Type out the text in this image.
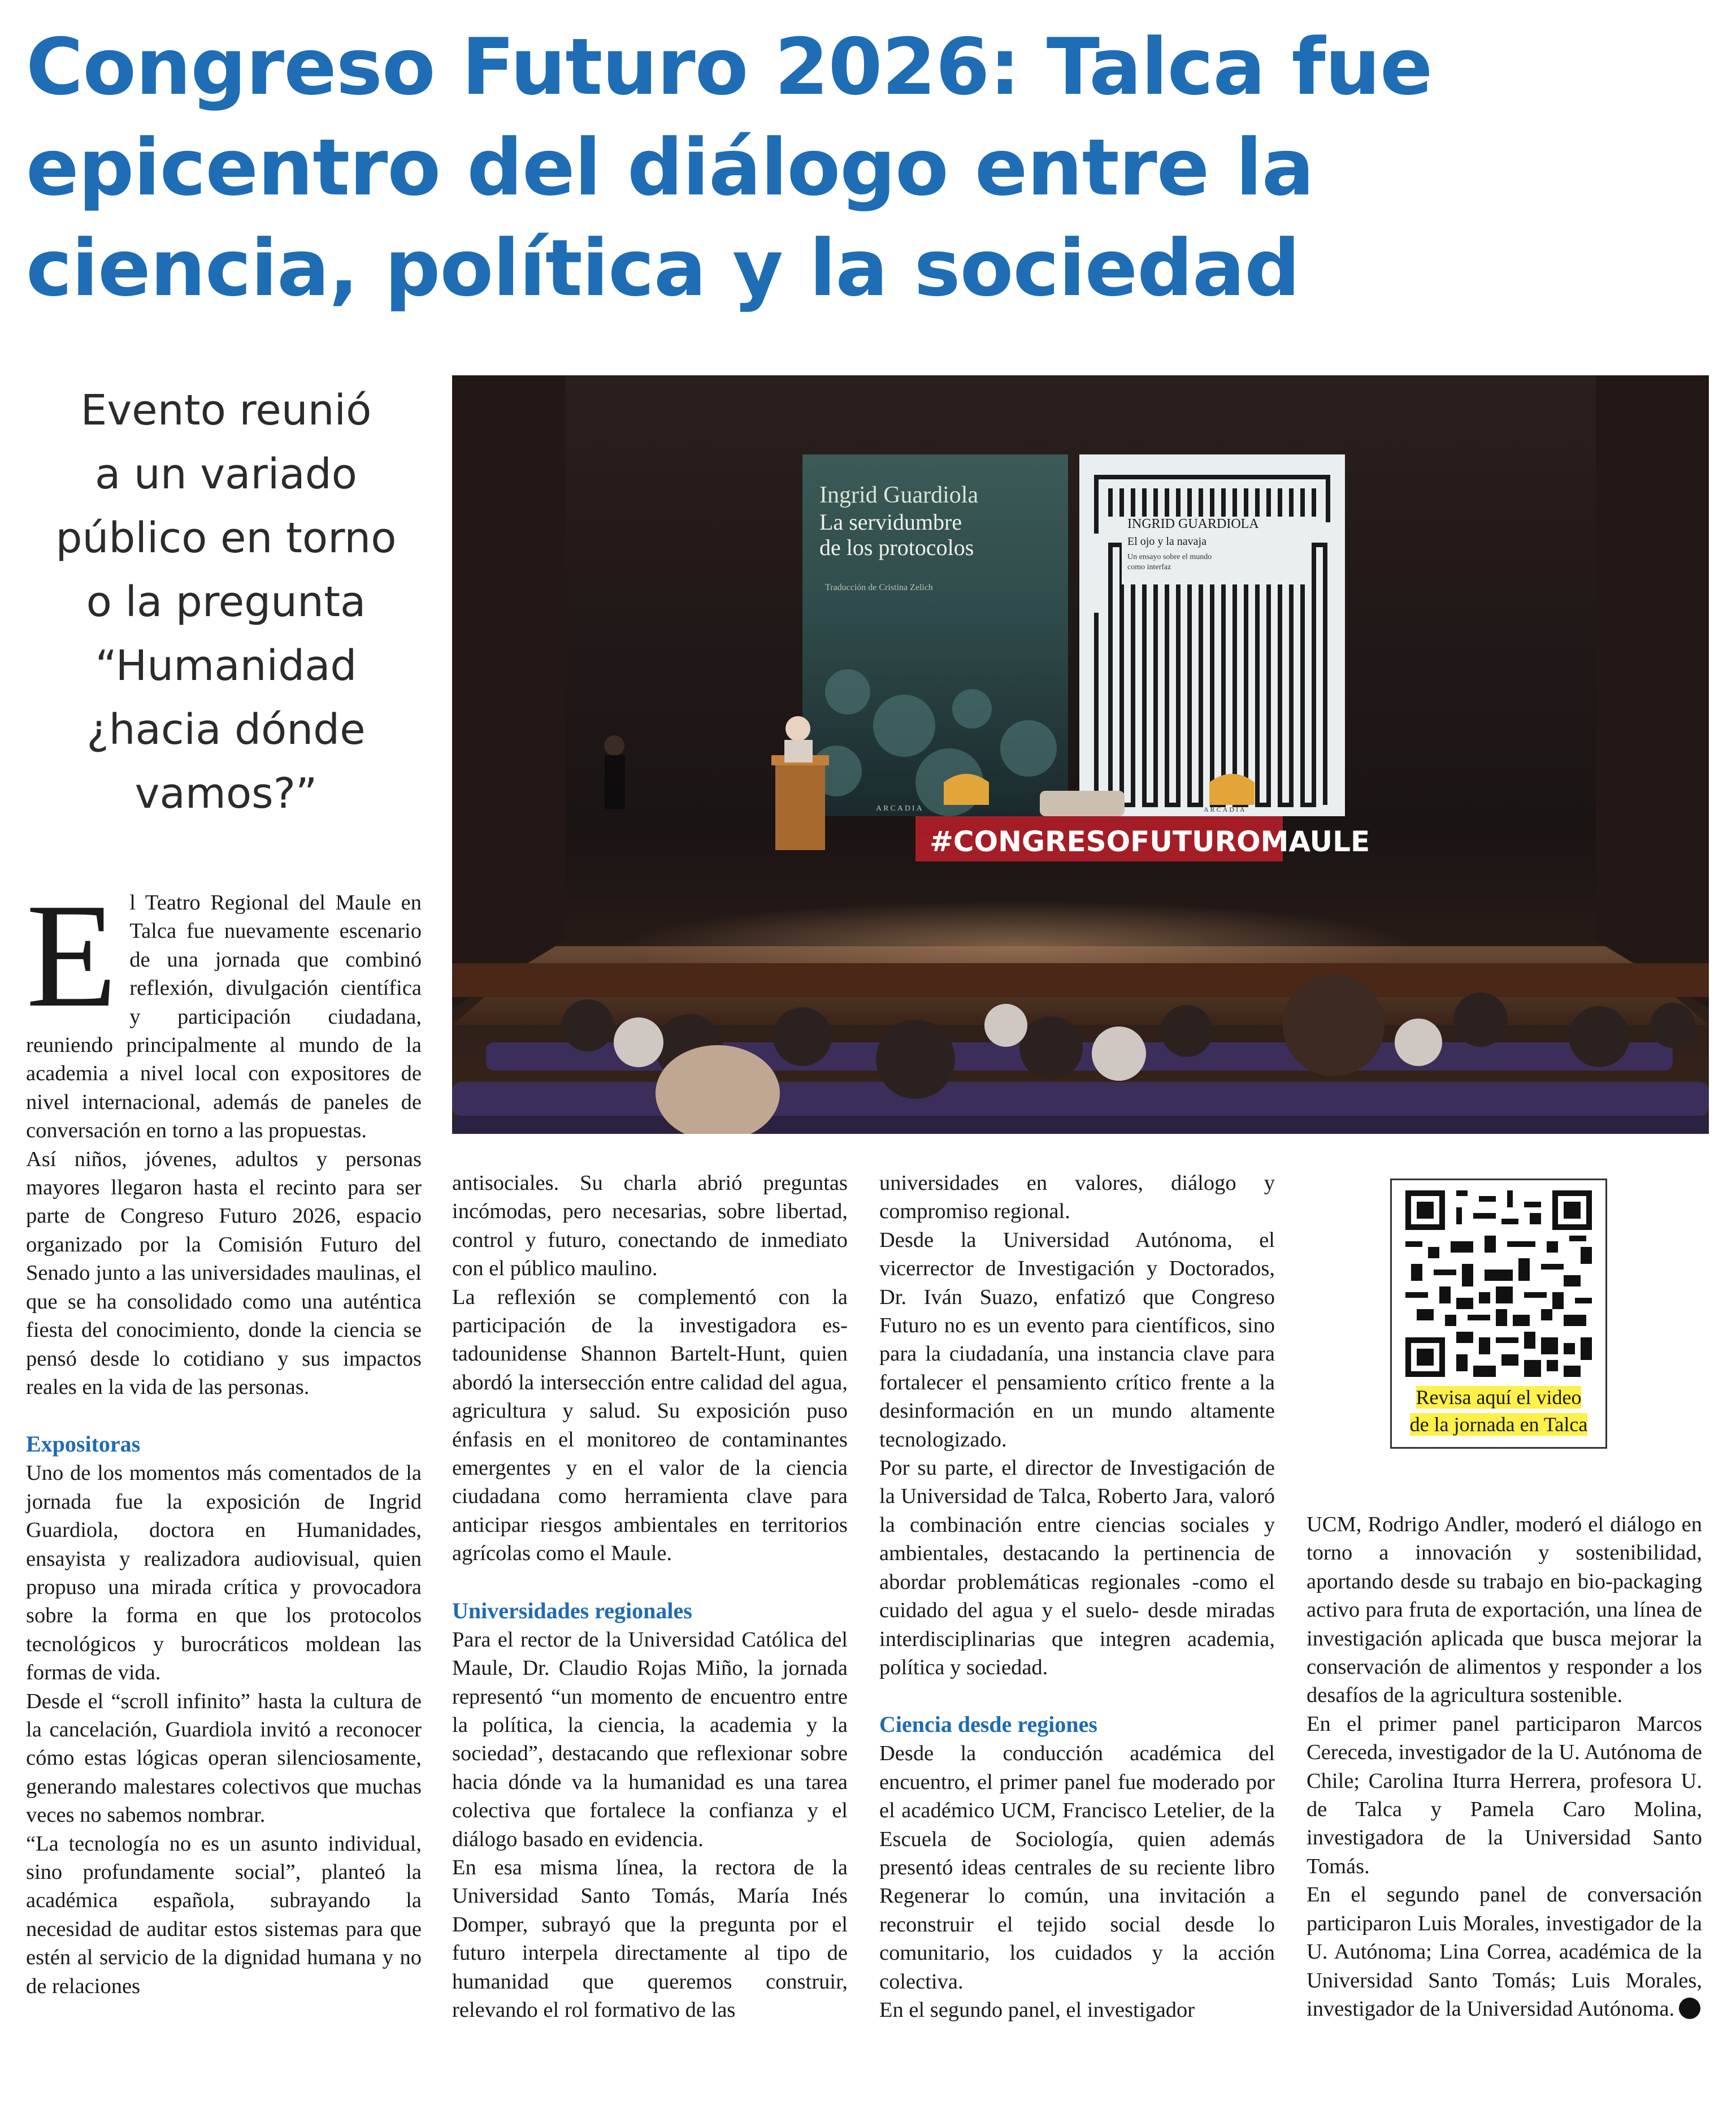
Congreso Futuro 2026: Talca fue
epicentro del diálogo entre la
ciencia, política y la sociedad
Evento reunió
a un variado
público en torno
o la pregunta
“Humanidad
¿hacia dónde
vamos?”
Ingrid Guardiola
La servidumbre
de los protocolos
Traducción de Cristina Zelich
ARCADIA
INGRID GUARDIOLA
El ojo y la navaja
Un ensayo sobre el mundo
como interfaz
ARCADIA
#CONGRESOFUTUROMAULE
E l Teatro Regional del Maule en Talca fue nuevamente escenario de una jornada que combinó reflexión, divulgación científica y participación ciudadana, reuniendo principalmente al mundo de la academia a nivel local con expositores de nivel internacional, además de paneles de conversación en torno a las propuestas.

Así niños, jóvenes, adultos y personas mayores llegaron hasta el recinto para ser parte de Congreso Futuro 2026, espacio organizado por la Comisión Futuro del Senado junto a las universidades maulinas, el que se ha consolidado como una auténtica fiesta del conocimiento, donde la ciencia se pensó desde lo cotidiano y sus impactos reales en la vida de las personas.

Expositoras

Uno de los momentos más comentados de la jornada fue la exposición de Ingrid Guardiola, doctora en Humanidades, ensayista y realizadora audiovisual, quien propuso una mirada crítica y provocadora sobre la forma en que los protocolos tecnológicos y burocráticos moldean las formas de vida.

Desde el “scroll infinito” hasta la cultura de la cancelación, Guardiola invitó a reconocer cómo estas lógicas operan silenciosamente, generando malestares colectivos que muchas veces no sabemos nombrar.

“La tecnología no es un asunto individual, sino profundamente social”, planteó la académica española, subrayando la necesidad de auditar estos sistemas para que estén al servicio de la dignidad humana y no de relaciones

antisociales. Su charla abrió preguntas incómodas, pero necesarias, sobre libertad, control y futuro, conectando de inmediato con el público maulino.

La reflexión se complementó con la participación de la investigadora estadounidense Shannon Bartelt-Hunt, quien abordó la intersección entre calidad del agua, agricultura y salud. Su exposición puso énfasis en el monitoreo de contaminantes emergentes y en el valor de la ciencia ciudadana como herramienta clave para anticipar riesgos ambientales en territorios agrícolas como el Maule.

Universidades regionales

Para el rector de la Universidad Católica del Maule, Dr. Claudio Rojas Miño, la jornada representó “un momento de encuentro entre la política, la ciencia, la academia y la sociedad”, destacando que reflexionar sobre hacia dónde va la humanidad es una tarea colectiva que fortalece la confianza y el diálogo basado en evidencia.

En esa misma línea, la rectora de la Universidad Santo Tomás, María Inés Domper, subrayó que la pregunta por el futuro interpela directamente al tipo de humanidad que queremos construir, relevando el rol formativo de las

universidades en valores, diálogo y compromiso regional.

Desde la Universidad Autónoma, el vicerrector de Investigación y Doctorados, Dr. Iván Suazo, enfatizó que Congreso Futuro no es un evento para científicos, sino para la ciudadanía, una instancia clave para fortalecer el pensamiento crítico frente a la desinformación en un mundo altamente tecnologizado.

Por su parte, el director de Investigación de la Universidad de Talca, Roberto Jara, valoró la combinación entre ciencias sociales y ambientales, destacando la pertinencia de abordar problemáticas regionales -como el cuidado del agua y el suelo- desde miradas interdisciplinarias que integren academia, política y sociedad.

Ciencia desde regiones

Desde la conducción académica del encuentro, el primer panel fue moderado por el académico UCM, Francisco Letelier, de la Escuela de Sociología, quien además presentó ideas centrales de su reciente libro Regenerar lo común, una invitación a reconstruir el tejido social desde lo comunitario, los cuidados y la acción colectiva.

En el segundo panel, el investigador

Revisa aquí el video
de la jornada en Talca

UCM, Rodrigo Andler, moderó el diálogo en torno a innovación y sostenibilidad, aportando desde su trabajo en bio-packaging activo para fruta de exportación, una línea de investigación aplicada que busca mejorar la conservación de alimentos y responder a los desafíos de la agricultura sostenible.

En el primer panel participaron Marcos Cereceda, investigador de la U. Autónoma de Chile; Carolina Iturra Herrera, profesora U. de Talca y Pamela Caro Molina, investigadora de la Universidad Santo Tomás.

En el segundo panel de conversación participaron Luis Morales, investigador de la U. Autónoma; Lina Correa, académica de la Universidad Santo Tomás; Luis Morales, investigador de la Universidad Autónoma.
